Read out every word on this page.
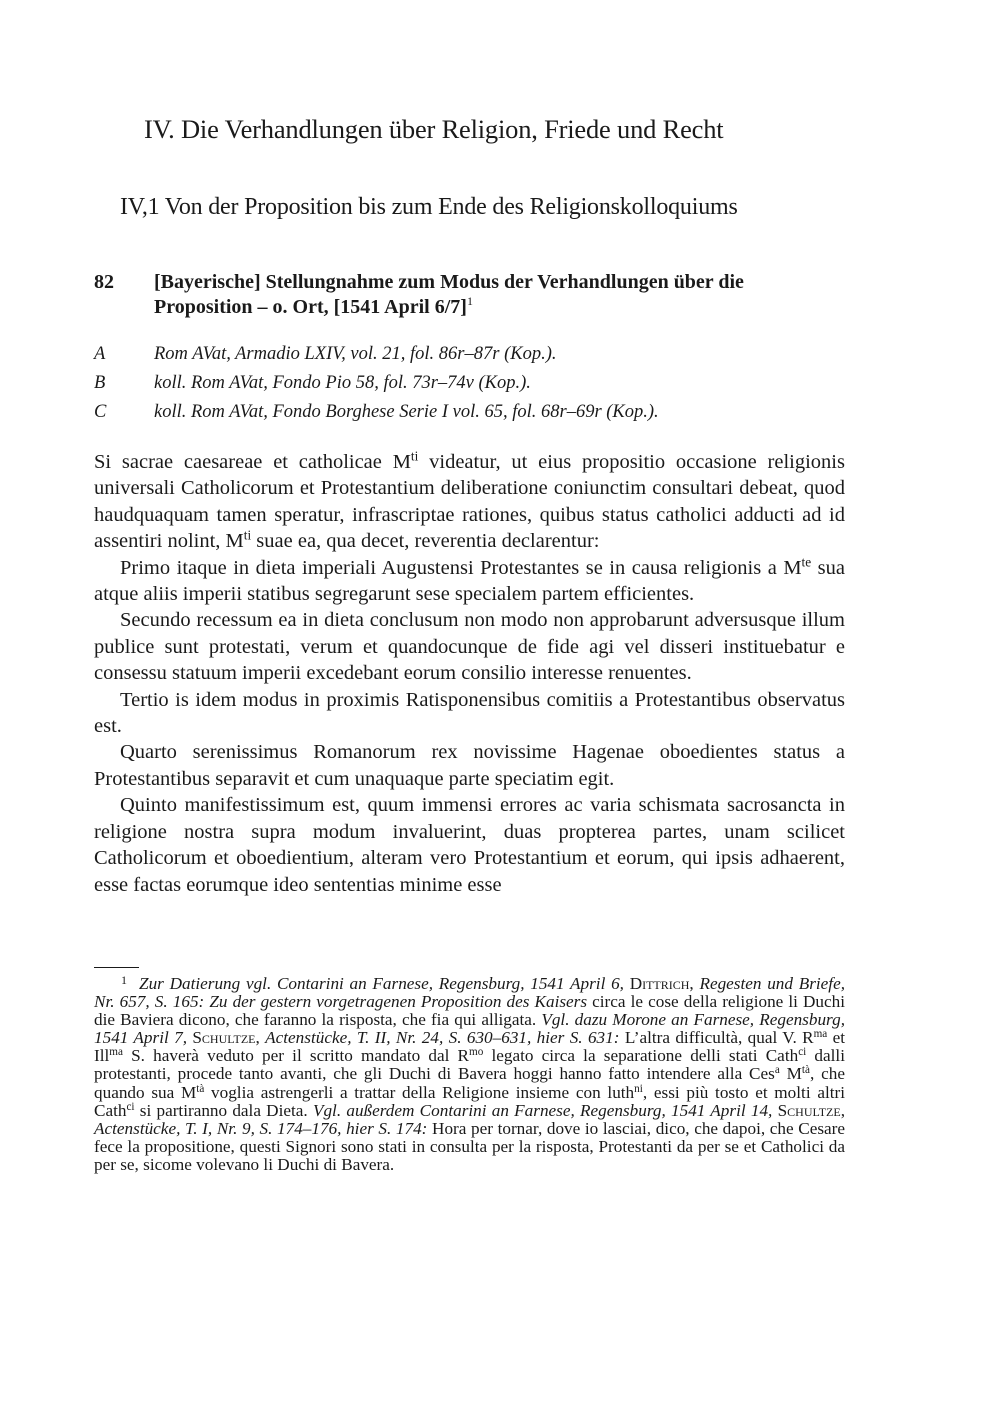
IV. Die Verhandlungen über Religion, Friede und Recht
IV,1 Von der Proposition bis zum Ende des Religionskolloquiums
82 [Bayerische] Stellungnahme zum Modus der Verhandlungen über die Proposition – o. Ort, [1541 April 6/7]$^1$
A	Rom AVat, Armadio LXIV, vol. 21, fol. 86r–87r (Kop.).
B	koll. Rom AVat, Fondo Pio 58, fol. 73r–74v (Kop.).
C	koll. Rom AVat, Fondo Borghese Serie I vol. 65, fol. 68r–69r (Kop.).

Si sacrae caesareae et catholicae $M^{ti}$ videatur, ut eius propositio occasione religionis universali Catholicorum et Protestantium deliberatione coniunctim consultari debeat, quod haudquaquam tamen speratur, infrascriptae rationes, quibus status catholici adducti ad id assentiri nolint, $M^{ti}$ suae ea, qua decet, reverentia declarentur:

Primo itaque in dieta imperiali Augustensi Protestantes se in causa religionis a $M^{te}$ sua atque aliis imperii statibus segregarunt sese specialem partem efficientes.

Secundo recessum ea in dieta conclusum non modo non approbarunt adversusque illum publice sunt protestati, verum et quandocunque de fide agi vel disseri instituebatur e consessu statuum imperii excedebant eorum consilio interesse renuentes.

Tertio is idem modus in proximis Ratisponensibus comitiis a Protestantibus observatus est.

Quarto serenissimus Romanorum rex novissime Hagenae oboedientes status a Protestantibus separavit et cum unaquaque parte speciatim egit.

Quinto manifestissimum est, quum immensi errores ac varia schismata sacrosancta in religione nostra supra modum invaluerint, duas propterea partes, unam scilicet Catholicorum et oboedientium, alteram vero Protestantium et eorum, qui ipsis adhaerent, esse factas eorumque ideo sententias minime esse

$^1$ Zur Datierung vgl. Contarini an Farnese, Regensburg, 1541 April 6, Dittrich, Regesten und Briefe, Nr. 657, S. 165: Zu der gestern vorgetragenen Proposition des Kaisers circa le cose della religione li Duchi die Baviera dicono, che faranno la risposta, che fia qui alligata. Vgl. dazu Morone an Farnese, Regensburg, 1541 April 7, Schultze, Actenstücke, T. II, Nr. 24, S. 630–631, hier S. 631: L’altra difficultà, qual V. $R^{ma}$ et Ill$^{ma}$ S. haverà veduto per il scritto mandato dal $R^{mo}$ legato circa la separatione delli stati Cath$^{ci}$ dalli protestanti, procede tanto avanti, che gli Duchi di Bavera hoggi hanno fatto intendere alla Ces$^a$ $M^{tà}$, che quando sua $M^{tà}$ voglia astrengerli a trattar della Religione insieme con luth$^{ni}$, essi più tosto et molti altri Cath$^{ci}$ si partiranno dala Dieta. Vgl. außerdem Contarini an Farnese, Regensburg, 1541 April 14, Schultze, Actenstücke, T. I, Nr. 9, S. 174–176, hier S. 174: Hora per tornar, dove io lasciai, dico, che dapoi, che Cesare fece la propositione, questi Signori sono stati in consulta per la risposta, Protestanti da per se et Catholici da per se, sicome volevano li Duchi di Bavera.
